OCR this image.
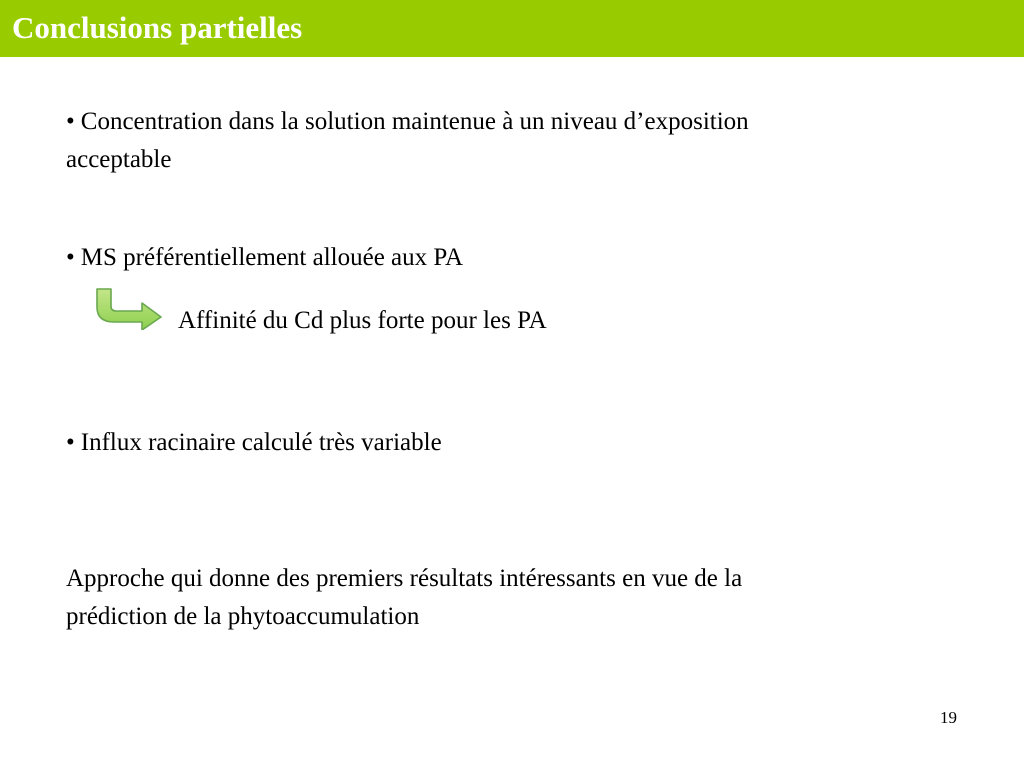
Conclusions partielles
• Concentration dans la solution maintenue à un niveau d’exposition
acceptable
• MS préférentiellement allouée aux PA
Affinité du Cd plus forte pour les PA
• Influx racinaire calculé très variable
Approche qui donne des premiers résultats intéressants en vue de la
prédiction de la phytoaccumulation
19
